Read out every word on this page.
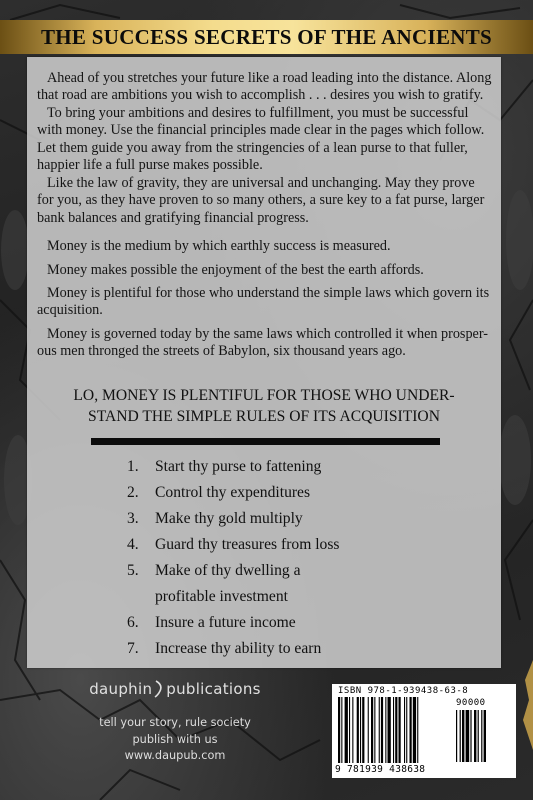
THE SUCCESS SECRETS OF THE ANCIENTS

Ahead of you stretches your future like a road leading into the distance. Along that road are ambitions you wish to accomplish . . . desires you wish to gratify.

To bring your ambitions and desires to fulfillment, you must be successful with money. Use the financial principles made clear in the pages which follow. Let them guide you away from the stringencies of a lean purse to that fuller, happier life a full purse makes possible.

Like the law of gravity, they are universal and unchanging. May they prove for you, as they have proven to so many others, a sure key to a fat purse, larger bank balances and gratifying financial progress.

Money is the medium by which earthly success is measured.

Money makes possible the enjoyment of the best the earth affords.

Money is plentiful for those who understand the simple laws which govern its acquisition.

Money is governed today by the same laws which controlled it when prosper-ous men thronged the streets of Babylon, six thousand years ago.

LO, MONEY IS PLENTIFUL FOR THOSE WHO UNDER-
STAND THE SIMPLE RULES OF ITS ACQUISITION
1. Start thy purse to fattening
2. Control thy expenditures
3. Make thy gold multiply
4. Guard thy treasures from loss
5. Make of thy dwelling a
profitable investment
6. Insure a future income
7. Increase thy ability to earn
dauphin publications
tell your story, rule society
publish with us
www.daupub.com
ISBN 978-1-939438-63-8
90000
9 781939 438638
